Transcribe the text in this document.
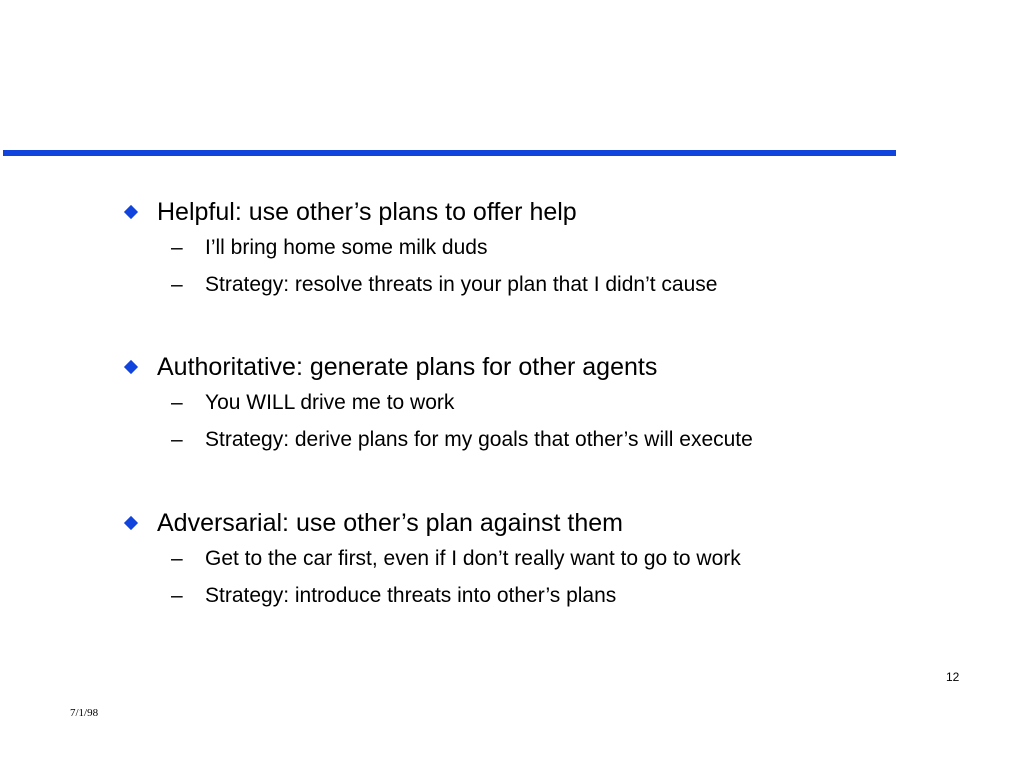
Helpful: use other’s plans to offer help
–	I’ll bring home some milk duds
–	Strategy: resolve threats in your plan that I didn’t cause
Authoritative: generate plans for other agents
–	You WILL drive me to work
–	Strategy: derive plans for my goals that other’s will execute
Adversarial: use other’s plan against them
–	Get to the car first, even if I don’t really want to go to work
–	Strategy: introduce threats into other’s plans
12
7/1/98
